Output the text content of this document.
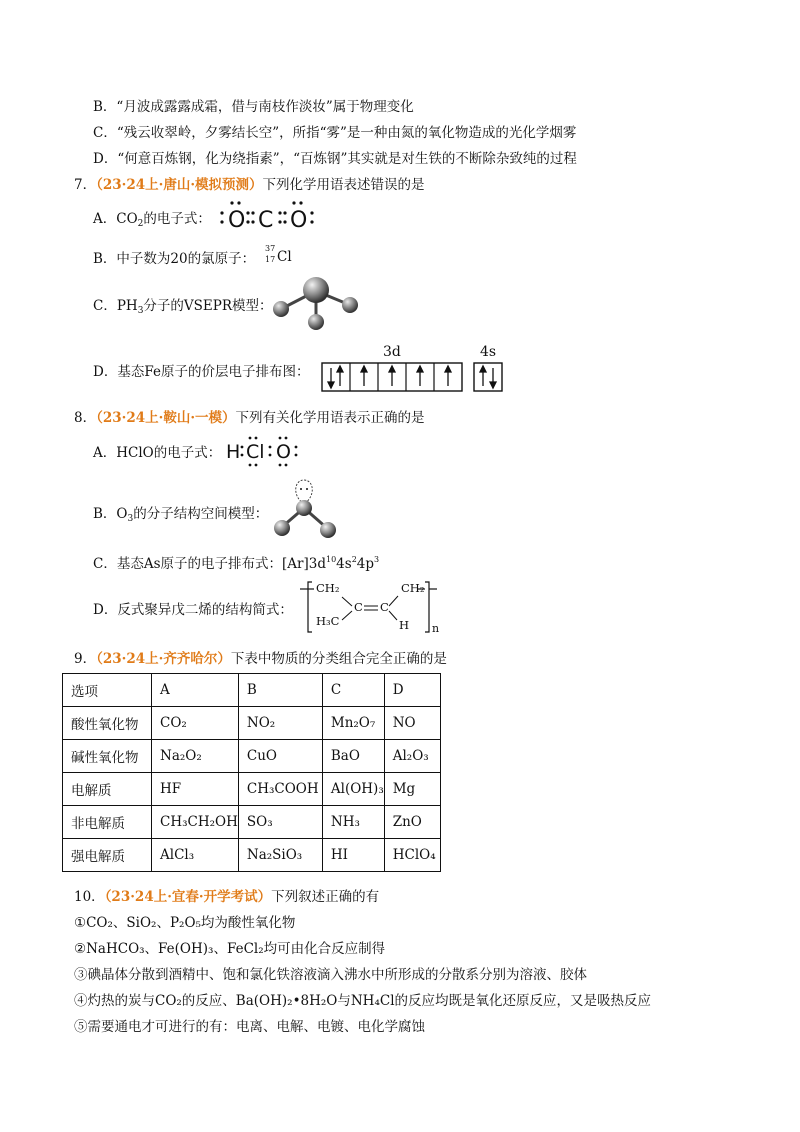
B．“月波成露露成霜，借与南枝作淡妆”属于物理变化
C．“残云收翠岭，夕雾结长空”，所指“雾”是一种由氮的氧化物造成的光化学烟雾
D．“何意百炼钢，化为绕指素”，“百炼钢”其实就是对生铁的不断除杂致纯的过程
7．（23·24上·唐山·模拟预测）下列化学用语表述错误的是
A．$CO_2$的电子式： O C O
B．中子数为20的氯原子：
37
17 Cl
C．$PH_3$分子的VSEPR模型：
D．基态Fe原子的价层电子排布图：
3d	4s
8．（23·24上·鞍山·一模）下列有关化学用语表示正确的是
A．HClO的电子式： H Cl O
B．$O_3$的分子结构空间模型：
C．基态As原子的电子排布式：$[Ar]3d^{10}4s^24p^3$
D．反式聚异戊二烯的结构简式：
CH₂	CH₂
C C
H₃C	H n
9．（23·24上·齐齐哈尔）下表中物质的分类组合完全正确的是
选项	A	B	C	D
酸性氧化物	CO₂	NO₂	Mn₂O₇	NO
碱性氧化物	Na₂O₂	CuO	BaO	Al₂O₃
电解质	HF	CH₃COOH	Al(OH)₃	Mg
非电解质	CH₃CH₂OH	SO₃	NH₃	ZnO
强电解质	AlCl₃	Na₂SiO₃	HI	HClO₄
10．（23·24上·宜春·开学考试）下列叙述正确的有
①CO₂、SiO₂、P₂O₅均为酸性氧化物
②NaHCO₃、Fe(OH)₃、FeCl₂均可由化合反应制得
③碘晶体分散到酒精中、饱和氯化铁溶液滴入沸水中所形成的分散系分别为溶液、胶体
④灼热的炭与CO₂的反应、Ba(OH)₂•8H₂O与NH₄Cl的反应均既是氧化还原反应，又是吸热反应
⑤需要通电才可进行的有：电离、电解、电镀、电化学腐蚀
